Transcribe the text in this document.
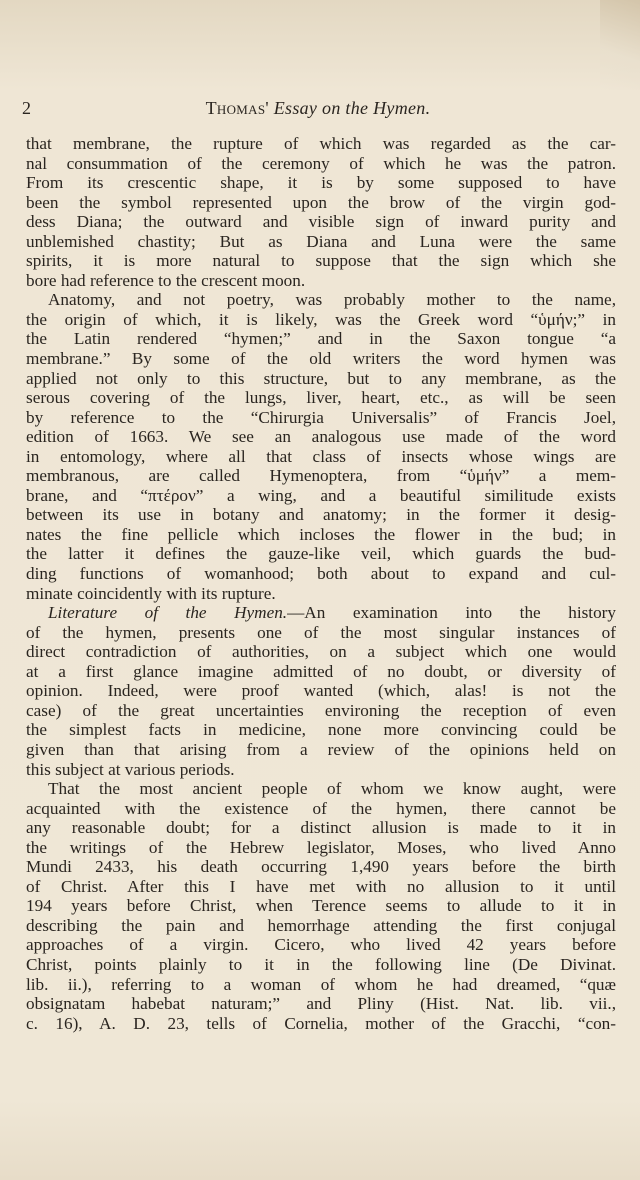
2	Thomas' Essay on the Hymen.
that membrane, the rupture of which was regarded as the car-
nal consummation of the ceremony of which he was the patron.
From its crescentic shape, it is by some supposed to have
been the symbol represented upon the brow of the virgin god-
dess Diana; the outward and visible sign of inward purity and
unblemished chastity; But as Diana and Luna were the same
spirits, it is more natural to suppose that the sign which she
bore had reference to the crescent moon.
Anatomy, and not poetry, was probably mother to the name,
the origin of which, it is likely, was the Greek word “ὑμήν;” in
the Latin rendered “hymen;” and in the Saxon tongue “a
membrane.” By some of the old writers the word hymen was
applied not only to this structure, but to any membrane, as the
serous covering of the lungs, liver, heart, etc., as will be seen
by reference to the “Chirurgia Universalis” of Francis Joel,
edition of 1663. We see an analogous use made of the word
in entomology, where all that class of insects whose wings are
membranous, are called Hymenoptera, from “ὑμήν” a mem-
brane, and “πτέρον” a wing, and a beautiful similitude exists
between its use in botany and anatomy; in the former it desig-
nates the fine pellicle which incloses the flower in the bud; in
the latter it defines the gauze-like veil, which guards the bud-
ding functions of womanhood; both about to expand and cul-
minate coincidently with its rupture.
Literature of the Hymen.—An examination into the history
of the hymen, presents one of the most singular instances of
direct contradiction of authorities, on a subject which one would
at a first glance imagine admitted of no doubt, or diversity of
opinion. Indeed, were proof wanted (which, alas! is not the
case) of the great uncertainties environing the reception of even
the simplest facts in medicine, none more convincing could be
given than that arising from a review of the opinions held on
this subject at various periods.
That the most ancient people of whom we know aught, were
acquainted with the existence of the hymen, there cannot be
any reasonable doubt; for a distinct allusion is made to it in
the writings of the Hebrew legislator, Moses, who lived Anno
Mundi 2433, his death occurring 1,490 years before the birth
of Christ. After this I have met with no allusion to it until
194 years before Christ, when Terence seems to allude to it in
describing the pain and hemorrhage attending the first conjugal
approaches of a virgin. Cicero, who lived 42 years before
Christ, points plainly to it in the following line (De Divinat.
lib. ii.), referring to a woman of whom he had dreamed, “quæ
obsignatam habebat naturam;” and Pliny (Hist. Nat. lib. vii.,
c. 16), A. D. 23, tells of Cornelia, mother of the Gracchi, “con-
